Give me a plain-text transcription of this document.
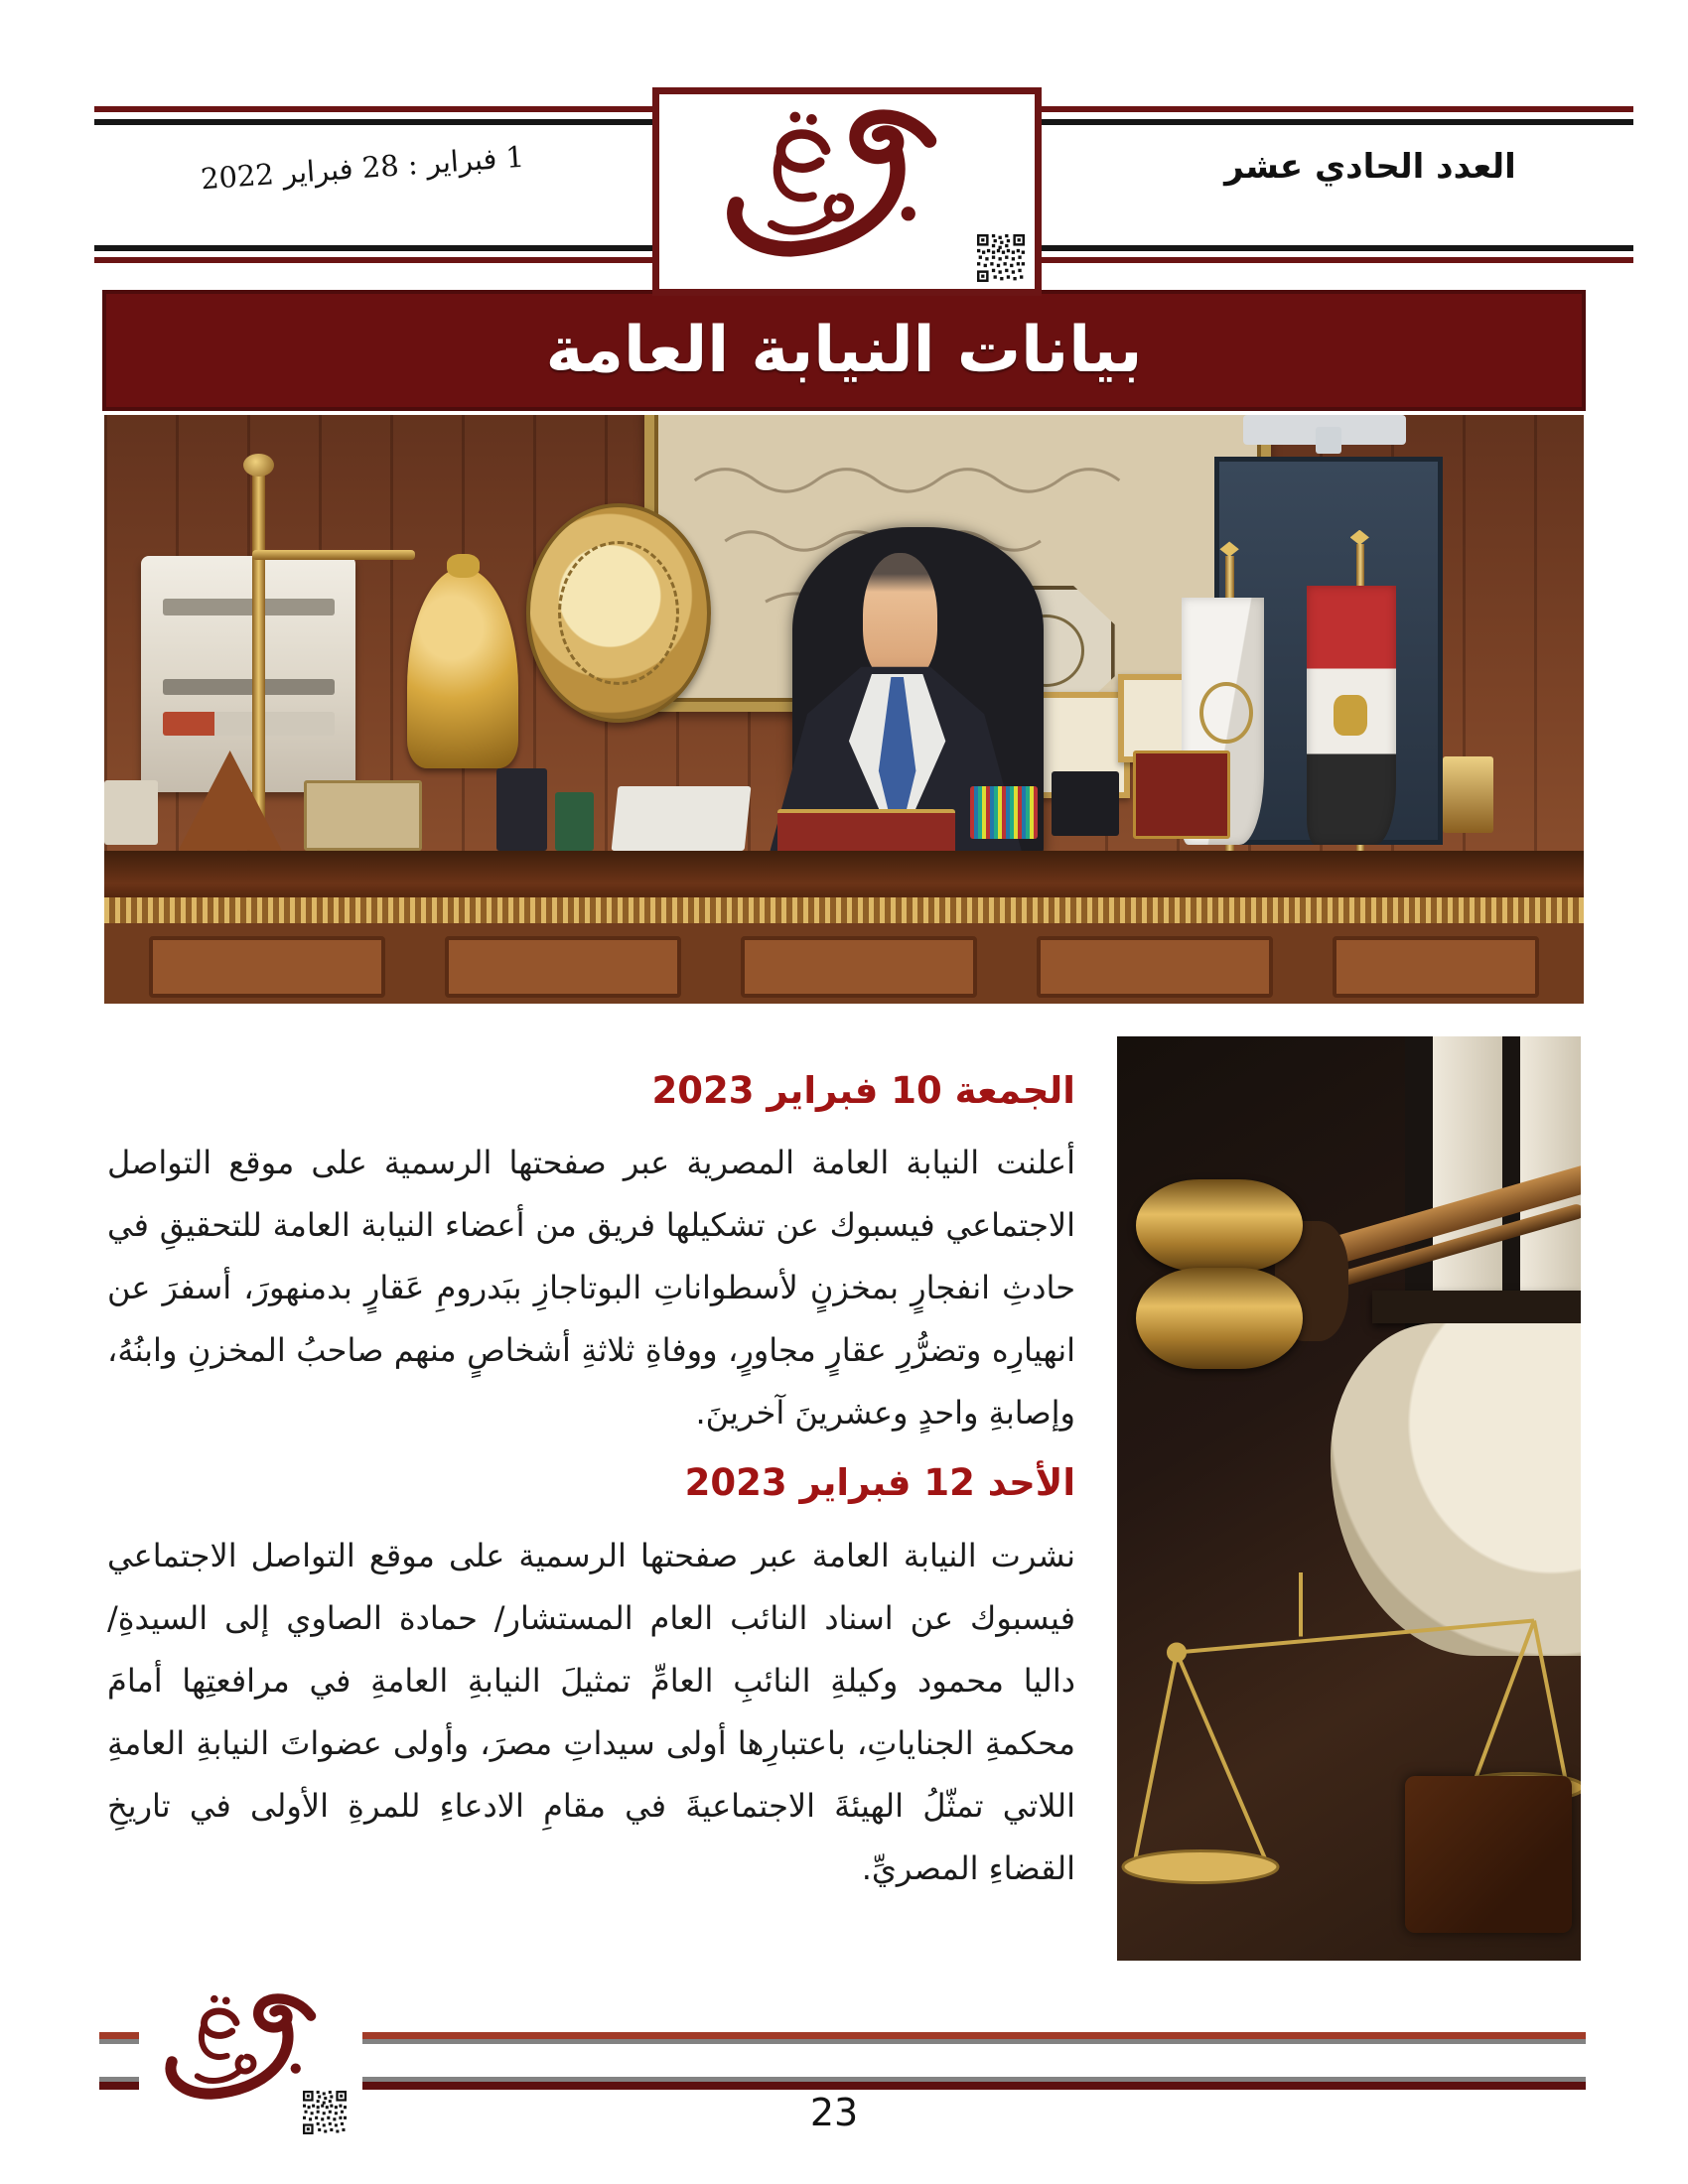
1 فبراير : 28 فبراير 2022	العدد الحادي عشر
بيانات النيابة العامة
الجمعة 10 فبراير 2023

أعلنت النيابة العامة المصرية عبر صفحتها الرسمية على موقع التواصل الاجتماعي فيسبوك عن تشكيلها فريق من أعضاء النيابة العامة للتحقيقِ في حادثِ انفجارٍ بمخزنٍ لأسطواناتِ البوتاجازِ ببَدرومِ عَقارٍ بدمنهورَ، أسفرَ عن انهيارِه وتضرُّرِ عقارٍ مجاورٍ، ووفاةِ ثلاثةِ أشخاصٍ منهم صاحبُ المخزنِ وابنُهُ، وإصابةِ واحدٍ وعشرينَ آخرينَ.

الأحد 12 فبراير 2023

نشرت النيابة العامة عبر صفحتها الرسمية على موقع التواصل الاجتماعي فيسبوك عن اسناد النائب العام المستشار/ حمادة الصاوي إلى السيدةِ/ داليا محمود وكيلةِ النائبِ العامِّ تمثيلَ النيابةِ العامةِ في مرافعتِها أمامَ محكمةِ الجناياتِ، باعتبارِها أولى سيداتِ مصرَ، وأولى عضواتَ النيابةِ العامةِ اللاتي تمثّلُ الهيئةَ الاجتماعيةَ في مقامِ الادعاءِ للمرةِ الأولى في تاريخِ القضاءِ المصريِّ.

23
